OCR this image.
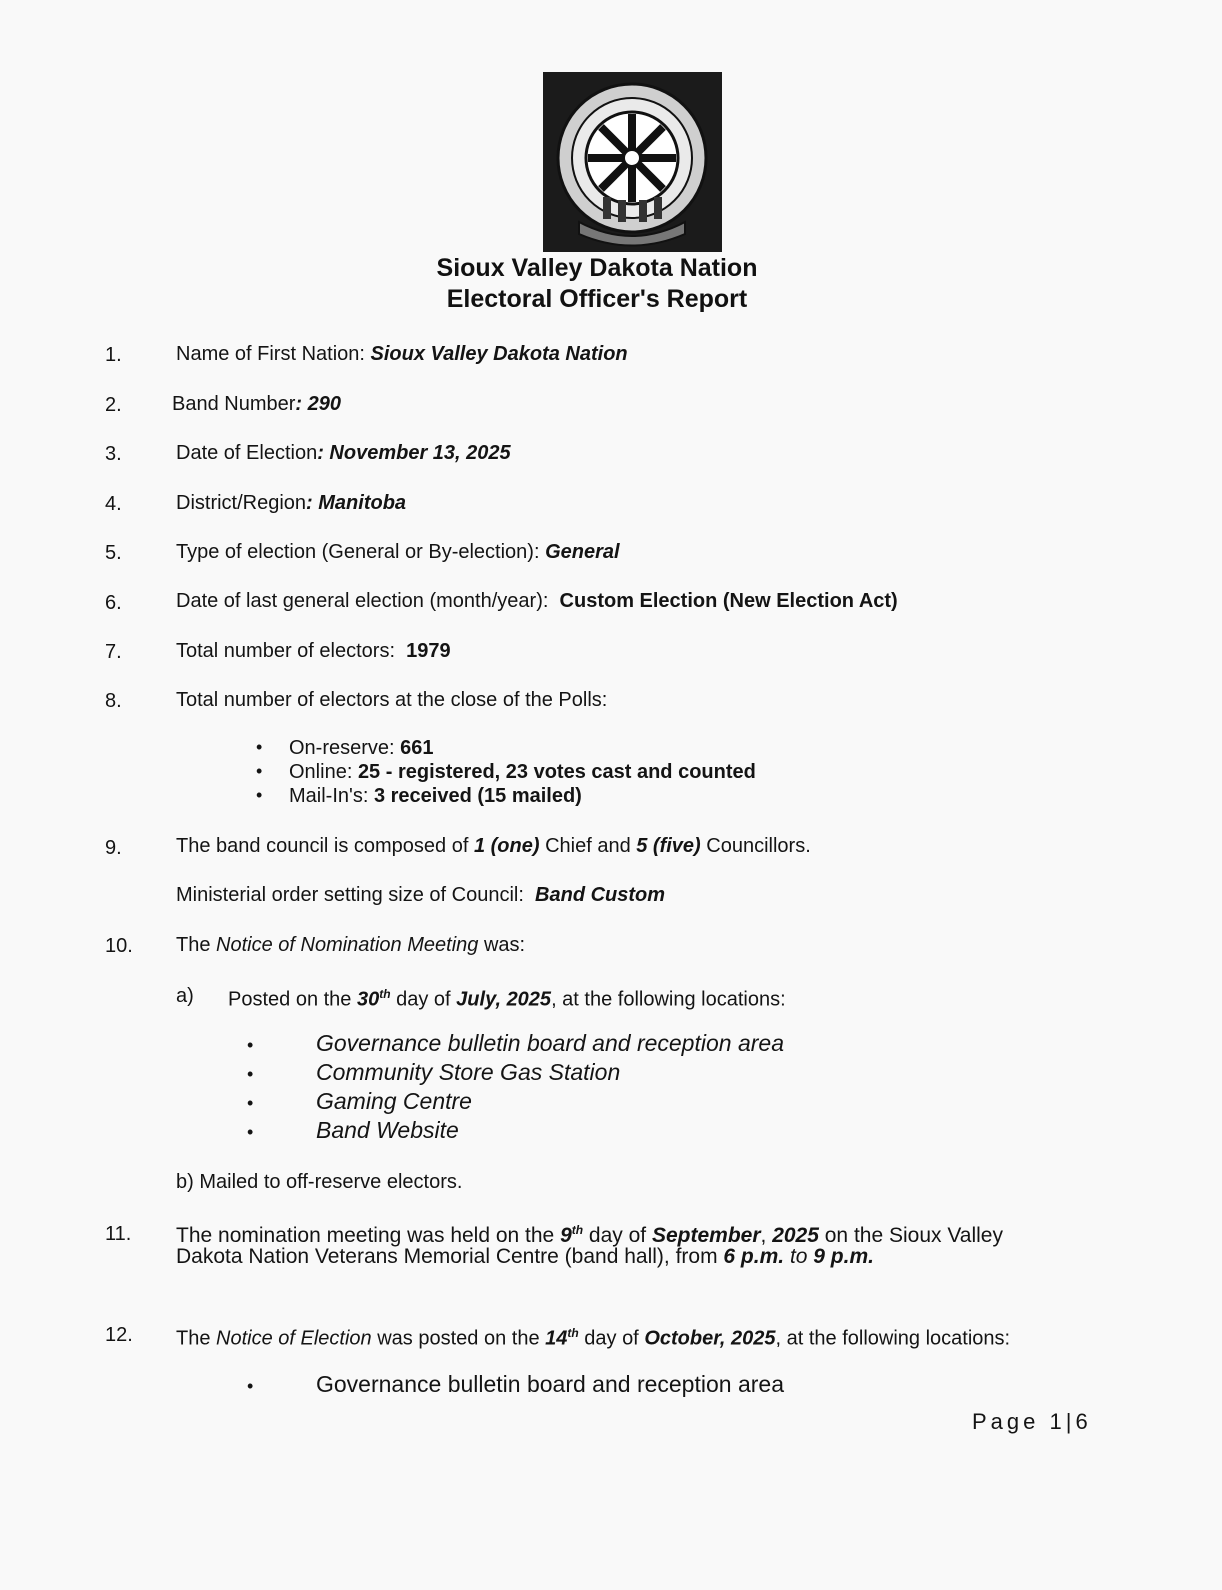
Sioux Valley Dakota Nation
Electoral Officer's Report
1.	Name of First Nation: Sioux Valley Dakota Nation
2.	Band Number: 290
3.	Date of Election: November 13, 2025
4.	District/Region: Manitoba
5.	Type of election (General or By-election): General
6.	Date of last general election (month/year):  Custom Election (New Election Act)
7.	Total number of electors:  1979
8.	Total number of electors at the close of the Polls:
• On-reserve: 661
• Online: 25 - registered, 23 votes cast and counted
• Mail-In's: 3 received (15 mailed)
9.	The band council is composed of 1 (one) Chief and 5 (five) Councillors.
Ministerial order setting size of Council:  Band Custom
10. The Notice of Nomination Meeting was:
a) Posted on the 30th day of July, 2025, at the following locations:
•	Governance bulletin board and reception area
•	Community Store Gas Station
•	Gaming Centre
•	Band Website
b) Mailed to off-reserve electors.
11. The nomination meeting was held on the 9th day of September, 2025 on the Sioux Valley
Dakota Nation Veterans Memorial Centre (band hall), from 6 p.m. to 9 p.m.
12. The Notice of Election was posted on the 14th day of October, 2025, at the following locations:
•	Governance bulletin board and reception area
Page 1|6
